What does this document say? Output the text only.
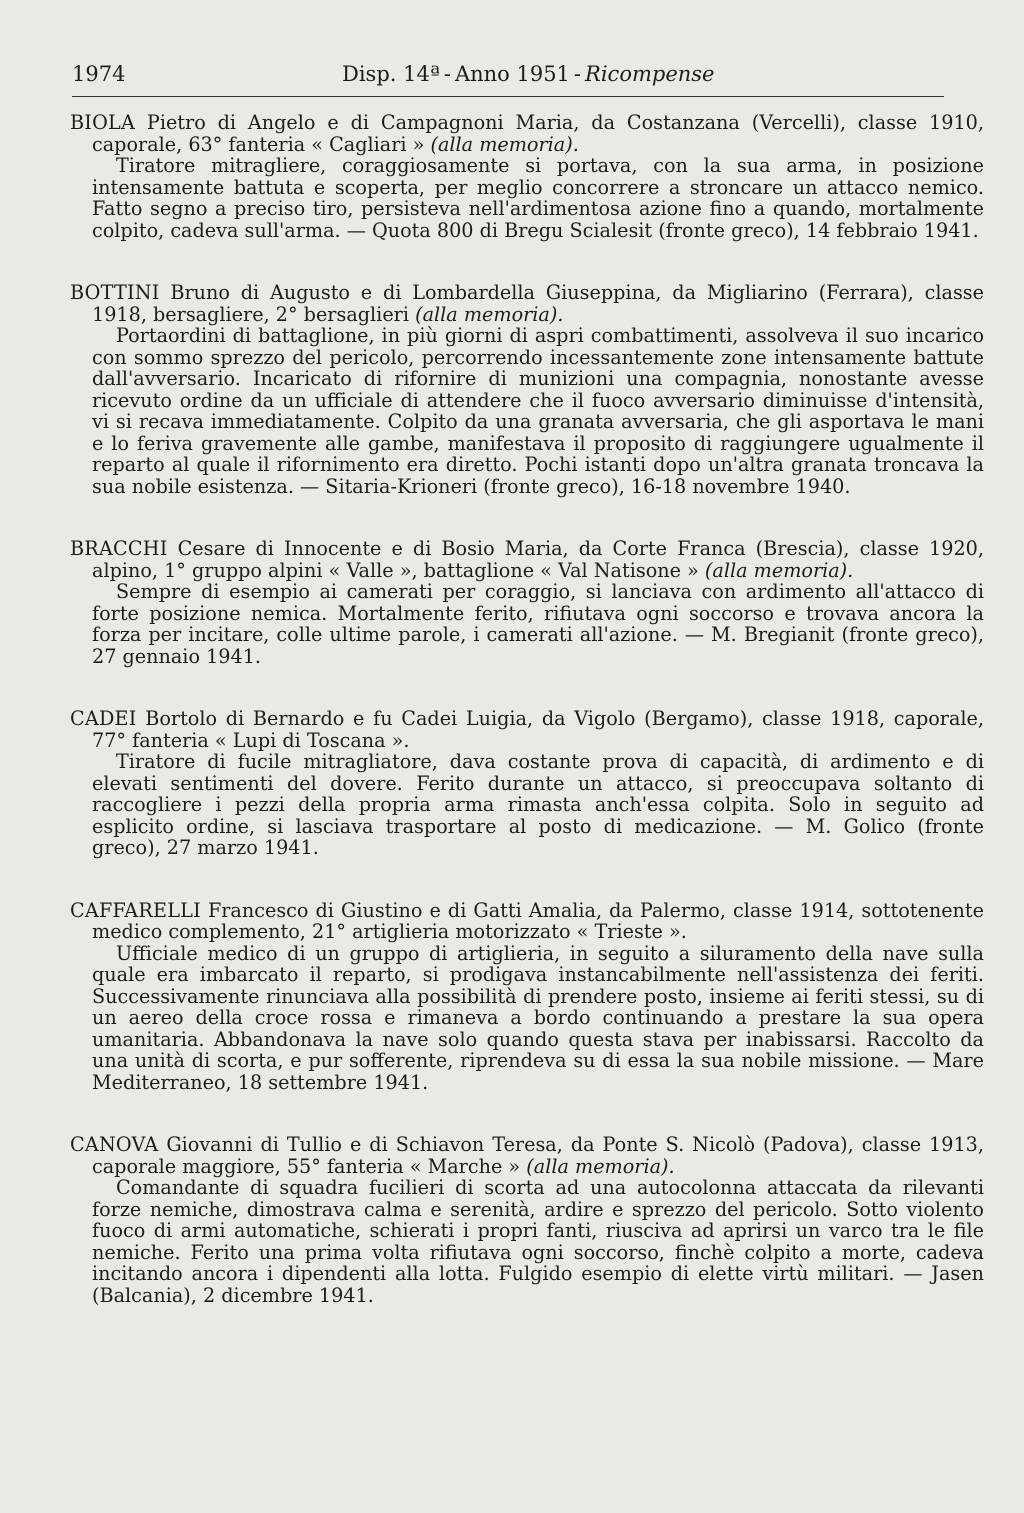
1974	Disp. 14ª - Anno 1951 - Ricompense

BIOLA Pietro di Angelo e di Campagnoni Maria, da Costanzana (Vercelli), classe 1910, caporale, 63° fanteria « Cagliari » (alla memoria).

Tiratore mitragliere, coraggiosamente si portava, con la sua arma, in posizione intensamente battuta e scoperta, per meglio concorrere a stroncare un attacco nemico. Fatto segno a preciso tiro, persisteva nell'ardimentosa azione fino a quando, mortalmente colpito, cadeva sull'arma. — Quota 800 di Bregu Scialesit (fronte greco), 14 febbraio 1941.

BOTTINI Bruno di Augusto e di Lombardella Giuseppina, da Migliarino (Ferrara), classe 1918, bersagliere, 2° bersaglieri (alla memoria).

Portaordini di battaglione, in più giorni di aspri combattimenti, assolveva il suo incarico con sommo sprezzo del pericolo, percorrendo incessantemente zone intensamente battute dall'avversario. Incaricato di rifornire di munizioni una compagnia, nonostante avesse ricevuto ordine da un ufficiale di attendere che il fuoco avversario diminuisse d'intensità, vi si recava immediatamente. Colpito da una granata avversaria, che gli asportava le mani e lo feriva gravemente alle gambe, manifestava il proposito di raggiungere ugualmente il reparto al quale il rifornimento era diretto. Pochi istanti dopo un'altra granata troncava la sua nobile esistenza. — Sitaria-Krioneri (fronte greco), 16-18 novembre 1940.

BRACCHI Cesare di Innocente e di Bosio Maria, da Corte Franca (Brescia), classe 1920, alpino, 1° gruppo alpini « Valle », battaglione « Val Natisone » (alla memoria).

Sempre di esempio ai camerati per coraggio, si lanciava con ardimento all'attacco di forte posizione nemica. Mortalmente ferito, rifiutava ogni soccorso e trovava ancora la forza per incitare, colle ultime parole, i camerati all'azione. — M. Bregianit (fronte greco), 27 gennaio 1941.

CADEI Bortolo di Bernardo e fu Cadei Luigia, da Vigolo (Bergamo), classe 1918, caporale, 77° fanteria « Lupi di Toscana ».

Tiratore di fucile mitragliatore, dava costante prova di capacità, di ardimento e di elevati sentimenti del dovere. Ferito durante un attacco, si preoccupava soltanto di raccogliere i pezzi della propria arma rimasta anch'essa colpita. Solo in seguito ad esplicito ordine, si lasciava trasportare al posto di medicazione. — M. Golico (fronte greco), 27 marzo 1941.

CAFFARELLI Francesco di Giustino e di Gatti Amalia, da Palermo, classe 1914, sottotenente medico complemento, 21° artiglieria motorizzato « Trieste ».

Ufficiale medico di un gruppo di artiglieria, in seguito a siluramento della nave sulla quale era imbarcato il reparto, si prodigava instancabilmente nell'assistenza dei feriti. Successivamente rinunciava alla possibilità di prendere posto, insieme ai feriti stessi, su di un aereo della croce rossa e rimaneva a bordo continuando a prestare la sua opera umanitaria. Abbandonava la nave solo quando questa stava per inabissarsi. Raccolto da una unità di scorta, e pur sofferente, riprendeva su di essa la sua nobile missione. — Mare Mediterraneo, 18 settembre 1941.

CANOVA Giovanni di Tullio e di Schiavon Teresa, da Ponte S. Nicolò (Padova), classe 1913, caporale maggiore, 55° fanteria « Marche » (alla memoria).

Comandante di squadra fucilieri di scorta ad una autocolonna attaccata da rilevanti forze nemiche, dimostrava calma e serenità, ardire e sprezzo del pericolo. Sotto violento fuoco di armi automatiche, schierati i propri fanti, riusciva ad aprirsi un varco tra le file nemiche. Ferito una prima volta rifiutava ogni soccorso, finchè colpito a morte, cadeva incitando ancora i dipendenti alla lotta. Fulgido esempio di elette virtù militari. — Jasen (Balcania), 2 dicembre 1941.
